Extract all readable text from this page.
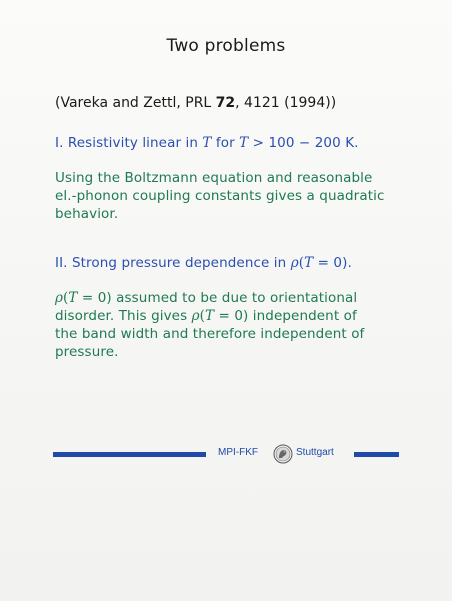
Two problems
(Vareka and Zettl, PRL 72, 4121 (1994))
I. Resistivity linear in T for T > 100 − 200 K.
Using the Boltzmann equation and reasonable
el.-phonon coupling constants gives a quadratic
behavior.
II. Strong pressure dependence in ρ(T = 0).
ρ(T = 0) assumed to be due to orientational
disorder. This gives ρ(T = 0) independent of
the band width and therefore independent of
pressure.
MPI-FKF	Stuttgart
